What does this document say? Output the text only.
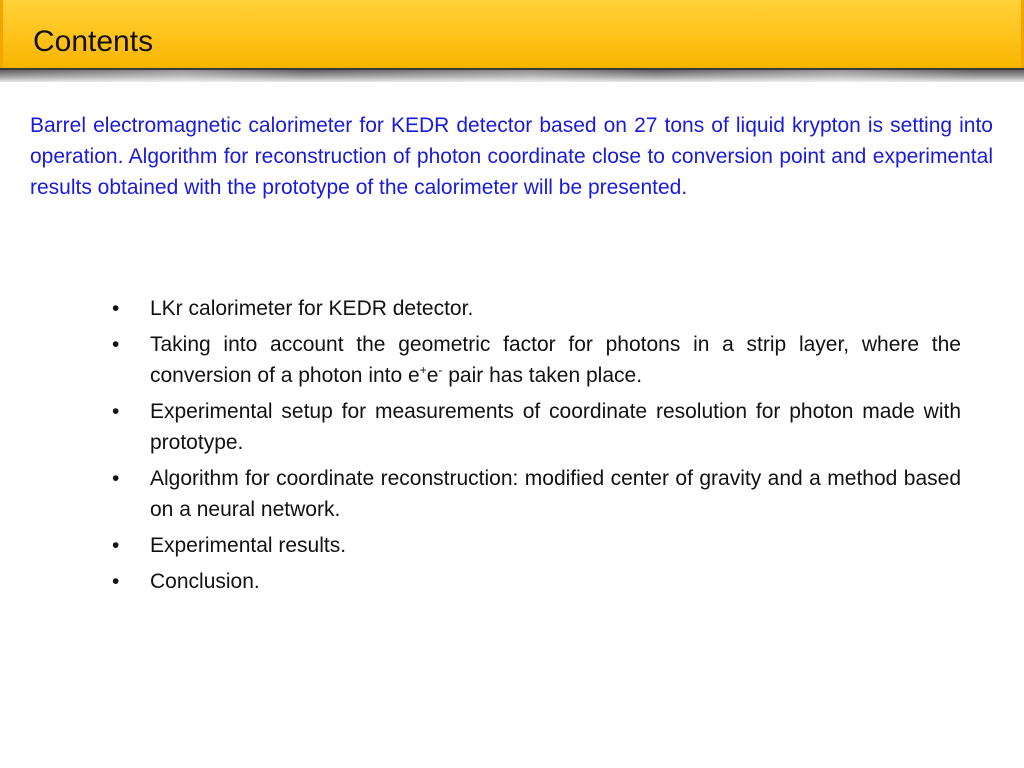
Contents

Barrel electromagnetic calorimeter for KEDR detector based on 27 tons of liquid krypton is setting into operation. Algorithm for reconstruction of photon coordinate close to conversion point and experimental results obtained with the prototype of the calorimeter will be presented.

• LKr calorimeter for KEDR detector.
• Taking into account the geometric factor for photons in a strip layer, where the conversion of a photon into e+e- pair has taken place.
• Experimental setup for measurements of coordinate resolution for photon made with prototype.
• Algorithm for coordinate reconstruction: modified center of gravity and a method based on a neural network.
• Experimental results.
• Conclusion.
